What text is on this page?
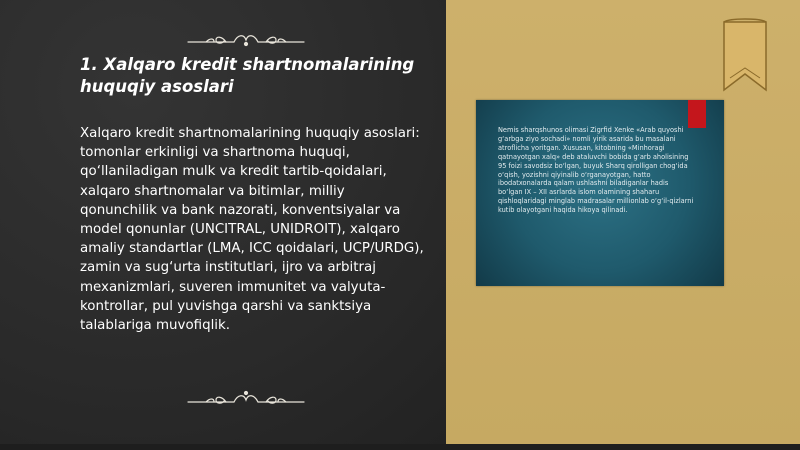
1. Xalqaro kredit shartnomalarining huquqiy asoslari

Xalqaro kredit shartnomalarining huquqiy asoslari: tomonlar erkinligi va shartnoma huquqi, qo‘llaniladigan mulk va kredit tartib-qoidalari, xalqaro shartnomalar va bitimlar, milliy qonunchilik va bank nazorati, konventsiyalar va model qonunlar (UNCITRAL, UNIDROIT), xalqaro amaliy standartlar (LMA, ICC qoidalari, UCP/URDG), zamin va sug‘urta institutlari, ijro va arbitraj mexanizmlari, suveren immunitet va valyuta-kontrollar, pul yuvishga qarshi va sanktsiya talablariga muvofiqlik.

Nemis sharqshunos olimasi Zigrfid Xenke «Arab quyoshi g‘arbga ziyo sochadi» nomli yirik asarida bu masalani atroflicha yoritgan. Xususan, kitobning «Minhoragi qatnayotgan xalq» deb ataluvchi bobida g‘arb aholisining 95 foizi savodsiz bo‘lgan, buyuk Sharq qirolligan chog‘ida o‘qish, yozishni qiyinalib o‘rganayotgan, hatto ibodatxonalarda qalam ushlashni biladiganlar hadis bo‘lgan IX – XII asrlarda islom olamining shaharu qishloqlaridagi minglab madrasalar millionlab o‘g‘il-qizlarni kutib olayotgani haqida hikoya qilinadi.
